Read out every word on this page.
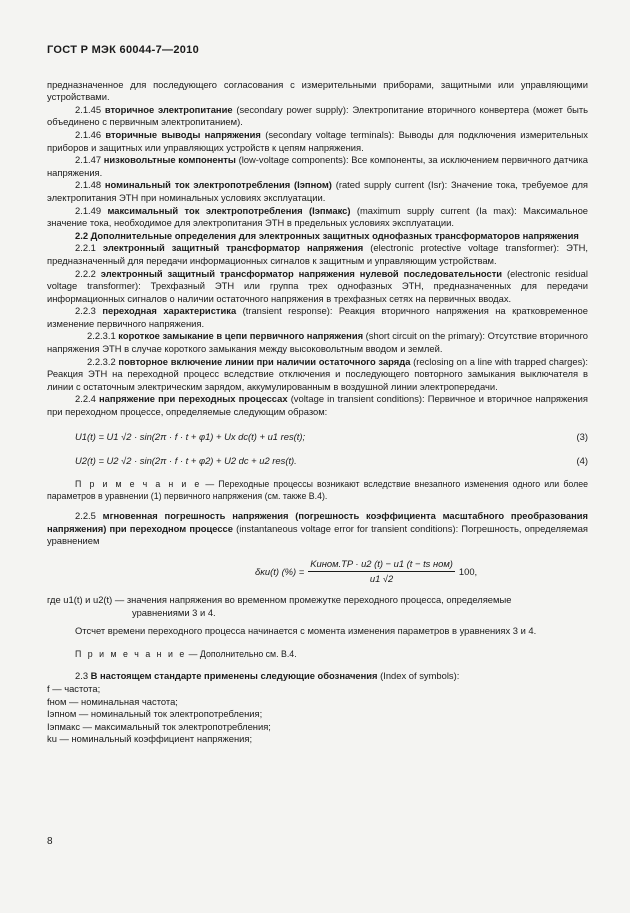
ГОСТ Р МЭК 60044-7—2010

предназначенное для последующего согласования с измерительными приборами, защитными или управляющими устройствами.

2.1.45 вторичное электропитание (secondary power supply): Электропитание вторичного конвертера (может быть объединено с первичным электропитанием).

2.1.46 вторичные выводы напряжения (secondary voltage terminals): Выводы для подключения измерительных приборов и защитных или управляющих устройств к цепям напряжения.

2.1.47 низковольтные компоненты (low-voltage components): Все компоненты, за исключением первичного датчика напряжения.

2.1.48 номинальный ток электропотребления (Iэпном) (rated supply current (Isr): Значение тока, требуемое для электропитания ЭТН при номинальных условиях эксплуатации.

2.1.49 максимальный ток электропотребления (Iэпмакс) (maximum supply current (Ia max): Максимальное значение тока, необходимое для электропитания ЭТН в предельных условиях эксплуатации.

2.2 Дополнительные определения для электронных защитных однофазных трансформаторов напряжения

2.2.1 электронный защитный трансформатор напряжения (electronic protective voltage transformer): ЭТН, предназначенный для передачи информационных сигналов к защитным и управляющим устройствам.

2.2.2 электронный защитный трансформатор напряжения нулевой последовательности (electronic residual voltage transformer): Трехфазный ЭТН или группа трех однофазных ЭТН, предназначенных для передачи информационных сигналов о наличии остаточного напряжения в трехфазных сетях на первичных вводах.

2.2.3 переходная характеристика (transient response): Реакция вторичного напряжения на кратковременное изменение первичного напряжения.

2.2.3.1 короткое замыкание в цепи первичного напряжения (short circuit on the primary): Отсутствие вторичного напряжения ЭТН в случае короткого замыкания между высоковольтным вводом и землей.

2.2.3.2 повторное включение линии при наличии остаточного заряда (reclosing on a line with trapped charges): Реакция ЭТН на переходной процесс вследствие отключения и последующего повторного замыкания выключателя в линии с остаточным электрическим зарядом, аккумулированным в воздушной линии электропередачи.

2.2.4 напряжение при переходных процессах (voltage in transient conditions): Первичное и вторичное напряжения при переходном процессе, определяемые следующим образом:

U1(t) = U1 √2 · sin(2π · f · t + φ1) + Ux dc(t) + u1 res(t);	(3)
U2(t) = U2 √2 · sin(2π · f · t + φ2) + U2 dc + u2 res(t).	(4)

П р и м е ч а н и е — Переходные процессы возникают вследствие внезапного изменения одного или более параметров в уравнении (1) первичного напряжения (см. также В.4).

2.2.5 мгновенная погрешность напряжения (погрешность коэффициента масштабного преобразования напряжения) при переходном процессе (instantaneous voltage error for transient conditions): Погрешность, определяемая уравнением

δκu(t) (%) = $\frac{\text{Kuном.TP · u2 (t) − u1 (t − ts ном)}}{u1 √2} 100$,

где u1(t) и u2(t) — значения напряжения во временном промежутке переходного процесса, определяемые

уравнениями 3 и 4.

Отсчет времени переходного процесса начинается с момента изменения параметров в уравнениях 3 и 4.

П р и м е ч а н и е — Дополнительно см. В.4.

2.3 В настоящем стандарте применены следующие обозначения (Index of symbols):

f — частота;

fном — номинальная частота;

Iэпном — номинальный ток электропотребления;

Iэпмакс — максимальный ток электропотребления;

ku — номинальный коэффициент напряжения;

8
